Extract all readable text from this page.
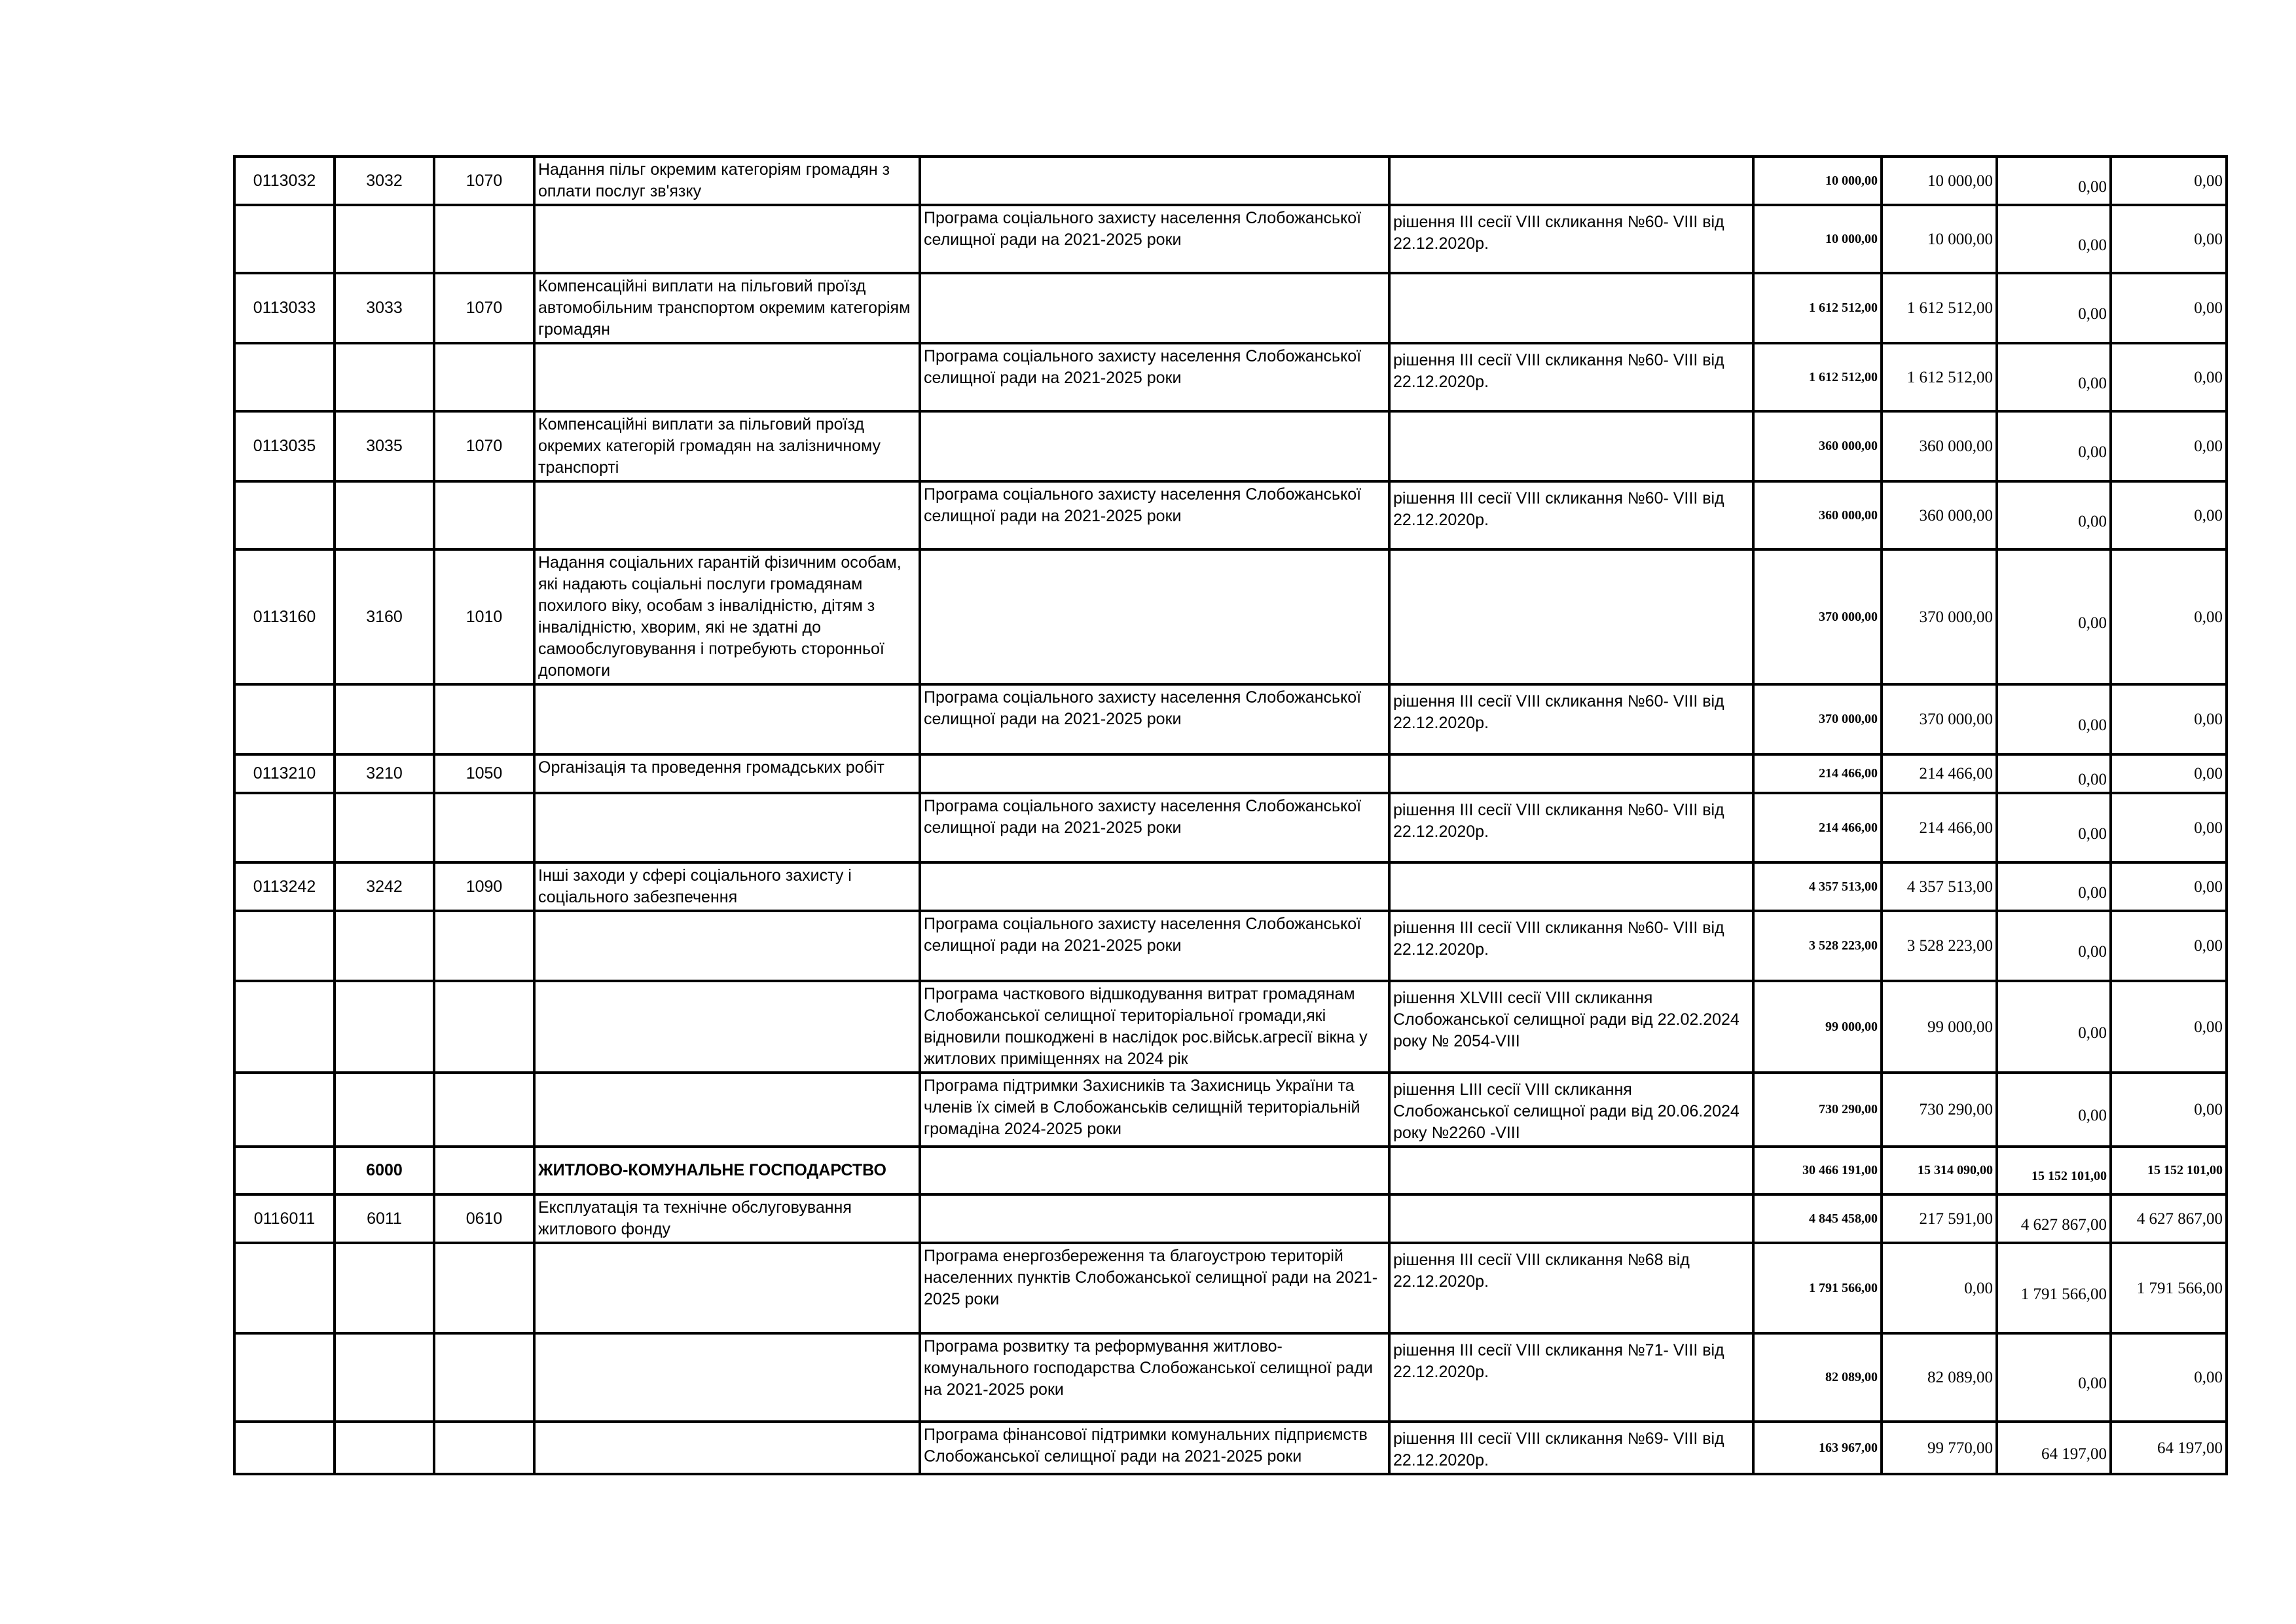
0113032	3032	1070	Надання пільг окремим категоріям громадян з оплати послуг зв'язку			10 000,00	10 000,00	0,00	0,00
				Програма соціального захисту населення Слобожанської селищної ради на 2021-2025 роки	рішення ІІІ сесії VIII скликання №60- VIII від 22.12.2020р.	10 000,00	10 000,00	0,00	0,00
0113033	3033	1070	Компенсаційні виплати на пільговий проїзд автомобільним транспортом окремим категоріям громадян			1 612 512,00	1 612 512,00	0,00	0,00
				Програма соціального захисту населення Слобожанської селищної ради на 2021-2025 роки	рішення ІІІ сесії VIII скликання №60- VIII від 22.12.2020р.	1 612 512,00	1 612 512,00	0,00	0,00
0113035	3035	1070	Компенсаційні виплати за пільговий проїзд окремих категорій громадян на залізничному транспорті			360 000,00	360 000,00	0,00	0,00
				Програма соціального захисту населення Слобожанської селищної ради на 2021-2025 роки	рішення ІІІ сесії VIII скликання №60- VIII від 22.12.2020р.	360 000,00	360 000,00	0,00	0,00
0113160	3160	1010	Надання соціальних гарантій фізичним особам, які надають соціальні послуги громадянам похилого віку, особам з інвалідністю, дітям з інвалідністю, хворим, які не здатні до самообслуговування і потребують сторонньої допомоги			370 000,00	370 000,00	0,00	0,00
				Програма соціального захисту населення Слобожанської селищної ради на 2021-2025 роки	рішення ІІІ сесії VIII скликання №60- VIII від 22.12.2020р.	370 000,00	370 000,00	0,00	0,00
0113210	3210	1050	Організація та проведення громадських робіт			214 466,00	214 466,00	0,00	0,00
				Програма соціального захисту населення Слобожанської селищної ради на 2021-2025 роки	рішення ІІІ сесії VIII скликання №60- VIII від 22.12.2020р.	214 466,00	214 466,00	0,00	0,00
0113242	3242	1090	Інші заходи у сфері соціального захисту і соціального забезпечення			4 357 513,00	4 357 513,00	0,00	0,00
				Програма соціального захисту населення Слобожанської селищної ради на 2021-2025 роки	рішення ІІІ сесії VIII скликання №60- VIII від 22.12.2020р.	3 528 223,00	3 528 223,00	0,00	0,00
				Програма часткового відшкодування витрат громадянам Слобожанської селищної територіальної громади,які відновили пошкоджені в наслідок рос.військ.агресії вікна у житлових приміщеннях на 2024 рік	рішення XLVIII сесії VIII скликання Слобожанської селищної ради від 22.02.2024 року № 2054-VIII	99 000,00	99 000,00	0,00	0,00
				Програма підтримки Захисників та Захисниць України та членів їх сімей в Слобожанськів селищній територіальній громадіна 2024-2025 роки	рішення LІІІ сесії VIII скликання Слобожанської селищної ради від 20.06.2024 року №2260 -VIII	730 290,00	730 290,00	0,00	0,00
	6000		ЖИТЛОВО-КОМУНАЛЬНЕ ГОСПОДАРСТВО			30 466 191,00	15 314 090,00	15 152 101,00	15 152 101,00
0116011	6011	0610	Експлуатація та технічне обслуговування житлового фонду			4 845 458,00	217 591,00	4 627 867,00	4 627 867,00
				Програма енергозбереження та благоустрою територій населенних пунктів Слобожанської селищної ради на 2021-2025 роки	рішення ІІІ сесії VIII скликання №68 від 22.12.2020р.	1 791 566,00	0,00	1 791 566,00	1 791 566,00
				Програма розвитку та реформування житлово-комунального господарства Слобожанської селищної ради на 2021-2025 роки	рішення ІІІ сесії VIII скликання №71- VIII від 22.12.2020р.	82 089,00	82 089,00	0,00	0,00
				Програма фінансової підтримки комунальних підприємств Слобожанської селищної ради на 2021-2025 роки	рішення ІІІ сесії VIII скликання №69- VIII від 22.12.2020р.	163 967,00	99 770,00	64 197,00	64 197,00
